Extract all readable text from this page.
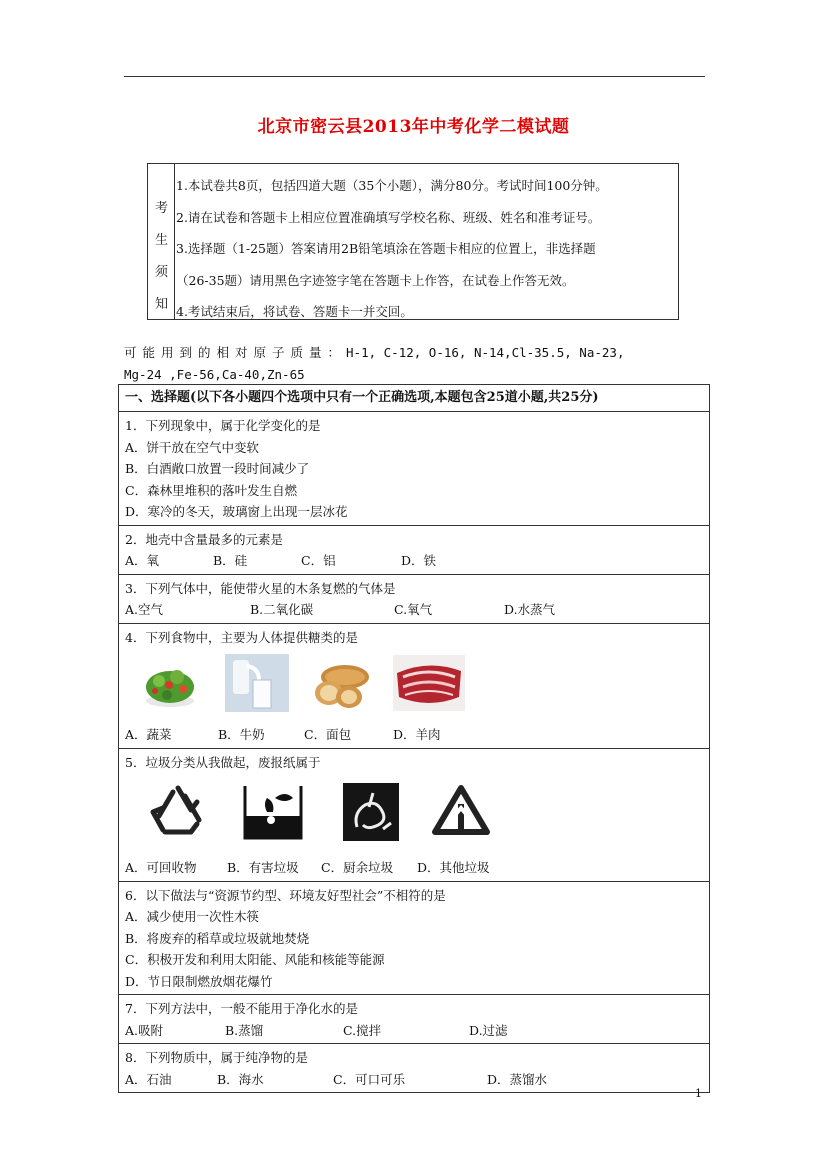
北京市密云县2013年中考化学二模试题
考
生
须
知
1.本试卷共8页，包括四道大题（35个小题），满分80分。考试时间100分钟。
2.请在试卷和答题卡上相应位置准确填写学校名称、班级、姓名和准考证号。
3.选择题（1-25题）答案请用2B铅笔填涂在答题卡相应的位置上，非选择题
（26-35题）请用黑色字迹签字笔在答题卡上作答，在试卷上作答无效。
4.考试结束后，将试卷、答题卡一并交回。
可能用到的相对原子质量：H-1, C-12, O-16, N-14,Cl-35.5, Na-23,
Mg-24 ,Fe-56,Ca-40,Zn-65
一、选择题(以下各小题四个选项中只有一个正确选项,本题包含25道小题,共25分)
1．下列现象中，属于化学变化的是
A．饼干放在空气中变软
B．白酒敞口放置一段时间减少了
C．森林里堆积的落叶发生自燃
D．寒冷的冬天，玻璃窗上出现一层冰花
2．地壳中含量最多的元素是
A．氧	B．硅	C．铝	D．铁
3．下列气体中，能使带火星的木条复燃的气体是
A.空气	B.二氧化碳	C.氧气	D.水蒸气
4．下列食物中，主要为人体提供糖类的是
A．蔬菜	B．牛奶	C．面包	D．羊肉
5．垃圾分类从我做起，废报纸属于
A．可回收物	B．有害垃圾	C．厨余垃圾	D．其他垃圾
6．以下做法与“资源节约型、环境友好型社会”不相符的是
A．减少使用一次性木筷
B．将废弃的稻草或垃圾就地焚烧
C．积极开发和利用太阳能、风能和核能等能源
D．节日限制燃放烟花爆竹
7．下列方法中，一般不能用于净化水的是
A.吸附	B.蒸馏	C.搅拌	D.过滤
8．下列物质中，属于纯净物的是
A．石油	B．海水	C．可口可乐	D．蒸馏水
1
